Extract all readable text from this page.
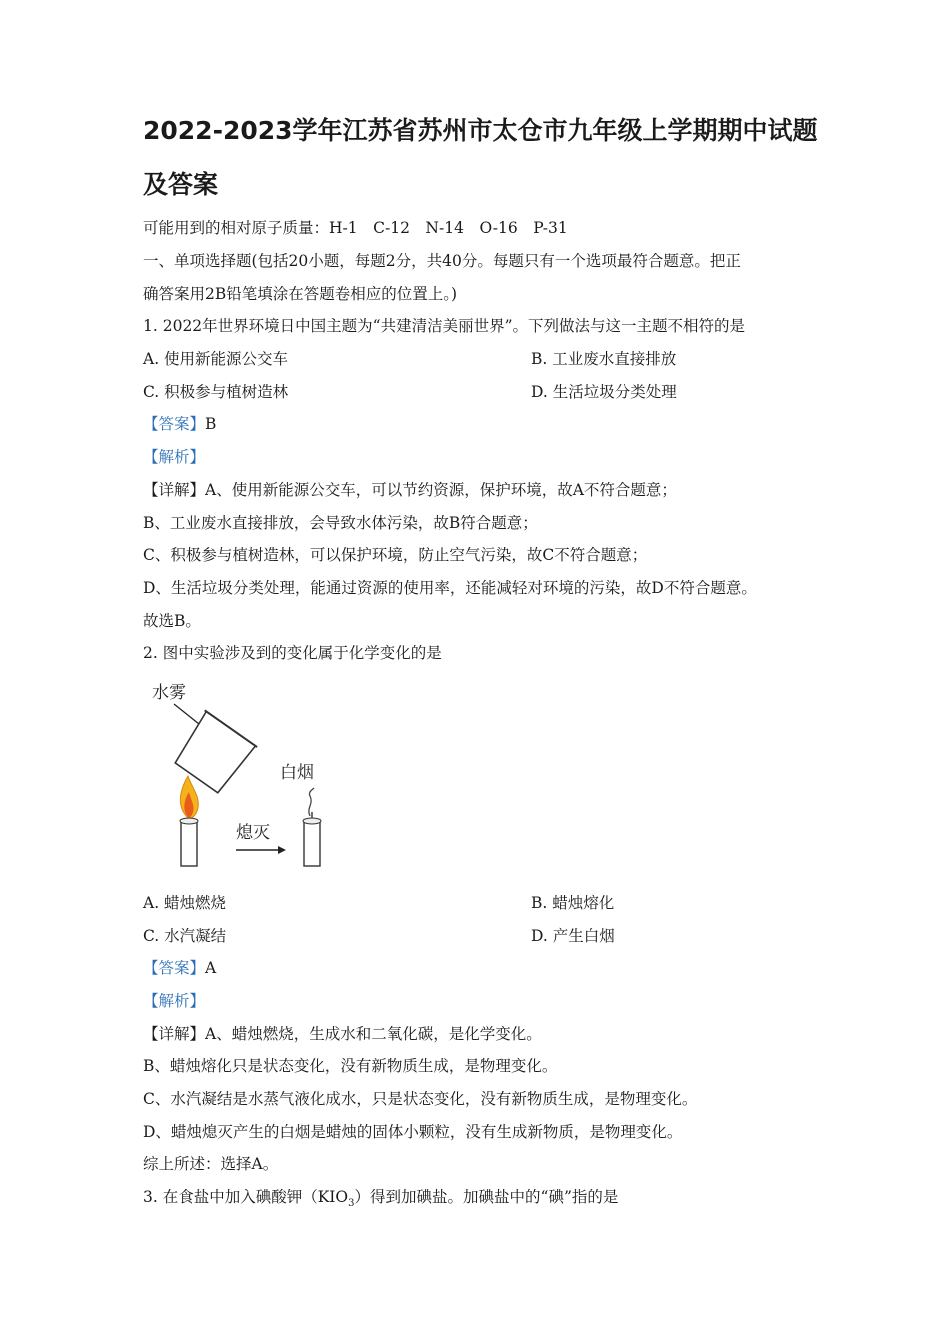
2022-2023学年江苏省苏州市太仓市九年级上学期期中试题及答案
可能用到的相对原子质量：H-1　C-12　N-14　O-16　P-31
一、单项选择题(包括20小题，每题2分，共40分。每题只有一个选项最符合题意。把正
确答案用2B铅笔填涂在答题卷相应的位置上。)
1. 2022年世界环境日中国主题为“共建清洁美丽世界”。下列做法与这一主题不相符的是
A. 使用新能源公交车	B. 工业废水直接排放
C. 积极参与植树造林	D. 生活垃圾分类处理
【答案】B
【解析】
【详解】A、使用新能源公交车，可以节约资源，保护环境，故A不符合题意；
B、工业废水直接排放，会导致水体污染，故B符合题意；
C、积极参与植树造林，可以保护环境，防止空气污染，故C不符合题意；
D、生活垃圾分类处理，能通过资源的使用率，还能减轻对环境的污染，故D不符合题意。
故选B。
2. 图中实验涉及到的变化属于化学变化的是
水雾
熄灭
白烟
A. 蜡烛燃烧	B. 蜡烛熔化
C. 水汽凝结	D. 产生白烟
【答案】A
【解析】
【详解】A、蜡烛燃烧，生成水和二氧化碳，是化学变化。
B、蜡烛熔化只是状态变化，没有新物质生成，是物理变化。
C、水汽凝结是水蒸气液化成水，只是状态变化，没有新物质生成，是物理变化。
D、蜡烛熄灭产生的白烟是蜡烛的固体小颗粒，没有生成新物质，是物理变化。
综上所述：选择A。
3. 在食盐中加入碘酸钾$(KIO_3)$得到加碘盐。加碘盐中的“碘”指的是
